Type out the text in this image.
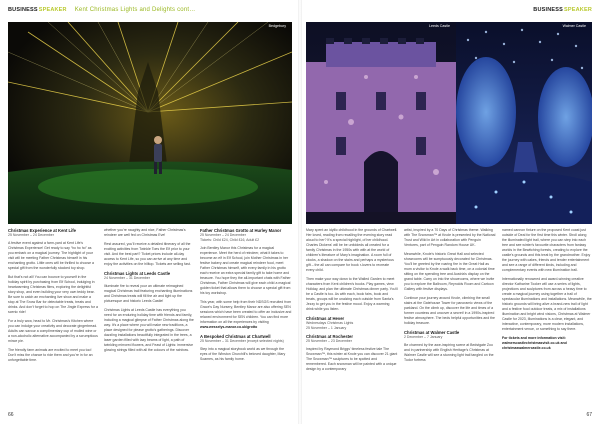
BUSINESS SPEAKER Kent Christmas Lights and Delights cont…
Bedgebury
Christmas Experience at Kent Life
25 November – 24 December

A festive event against a farm-yard at Kent Life's Christmas Experience! Get ready to say “ho ho ho” as you embark on a magical journey. The highlight of your visit will be meeting Father Christmas himself in his enchanting grotto. Little ones will be thrilled to choose a special gift from the wonderfully stocked toy shop.

But that's not all! You can bounce to yourself in the holiday spirit by purchasing from Elf School, indulging in heartwarming Christmas films, exploring the delightful story shop, and even building your very own teddy bear. Be sure to catch an enchanting live show and make a stop at The Snow Bar for delectable treats, treats and drinks. And don't forget to hop on The Jingle Express for a scenic ride!

For a truly wow, head to Mr. Christmas's Kitchen where you can indulge your creativity and decorate gingerbread. Adults can savour a complimentary cup of mulled wine or a non-alcoholic alternative accompanied by a scrumptious mince pie.

The friendly farm animals are excited to meet you too! Don't miss the chance to ride them and you're in for an unforgettable time.

whether you're naughty and nice, Father Christmas's reindeer are well fed on Christmas Eve!

Rest assured, you'll receive a detailed itinerary of all the exciting activities from Twinkle Toes the Elf prior to your visit. And the best part? Ticket prices include all-day access to Kent Life, so you can arrive at any time and enjoy the activities on the hilltop. Tickets are selling fast.

Christmas Lights at Leeds Castle
24 November – 31 December

Illuminate fire to reveal your an ultimate reimagined magical Christmas trail featuring enchanting illuminations and Christmas treats will fill the air and light up the picturesque and historic Leeds Castle!

Christmas Lights at Leeds Castle has everything you need for an enduring holiday time with friends and family, including a magical glimpse of Father Christmas along the way. It's a place where you will make new traditions, a place designed for please grotto's gatherings. Discover dazzling installations beautifully integrated in the trees, a laser garden filled with lazy beams of light, a path of twinkling mirrored flowers, and Feast of Lights: immersive glowing strings filled with all the colours of the rainbow.

Father Christmas Grotto at Hurley Manor
25 November – 24 December
Tickets: Child £24, Child £16, Adult £2

Join Bentley Manor this Christmas for a magical experience. Meet the herd of reindeer, what it takes to become an elf in Elf School, join Mother Christmas in her festive bakery and create magical reindeer food, meet Father Christmas himself, with every family in his grotto each receive an extra special family gift to take home and treasure. You hope they the all-important chats with Father Christmas, Father Christmas will give each child a magical golden ticket that allows them to choose a special gift from his toy workshop.

This year, with some help from their NDSGS recruited from Grace's Day Nursery, Bentley Manor are also offering SEN sessions which have been created to offer an inclusive and relaxed environment for SEN children. You can find more information on all the experiences by visiting www.wesselys-manor.co.uk/grotto

A Bespoked Christmas at Chartwell
25 November – 31 December (except selected nights)

Step into a magical storybook world as we through the eyes of the Winston Churchill's beloved daughter, Mary Soames, as his family home.

66
BUSINESS SPEAKER
Leeds Castle	Walmer Castle

Mary spent an idyllic childhood in the grounds of Chartwell. Her loved, reading from recalling the evening story read aloud to her? It's a special highlight, of her childhood. Charles Dickens' will be be unfoldeds all created for a family Christmas in the 1950s with with at the world of children's literature of Mary's imagination. A room full of clocks, a shadow on the stairs and perhaps a mysterious gift – the all can compare for book r-lovers to recreate every child.

Then make your way down to the Walled Garden to meet characters from Kent children's books. Play games, view Holiday, and plan the ultimate Christmas dinner party. You'll be a Castle is too. As with each, book fairs, book and treats, groups will be unalzing each outside from Santa's Jezzy to get you in the festive mood. Enjoy a warming drink while you listen.

Christmas at Hever
Wednesdays Christmas Lights
25 November – 1 January
Christmas at Rochester
25 November – 23 December

Inspired by Raymond Briggs' timeless festive tale The Snowman™, this winter at Knole you can discover 21 giant The Snowman™ sculptures to be spotted and remembered. Each snowman will be painted with a unique design by a contemporary

artist, inspired by a 70 Days of Christmas theme. Walking with The Snowman™ at Knole is presented by the National Trust and Wild in Art in collaboration with Penguin Ventures, part of Penguin Random House UK.

Meanwhile, Knole's historic Great Hall and selected showrooms will be sumptuously decorated for Christmas. You'll be greeted by the roaring fire in the Great Hall as mum a visitor to Knole a walk back time, on a colonial time sitting on the spending tree and Austria's display on the grand table. Carry on into the showrooms, where we invite you to explore the Ballroom, Reynolds Room and Cartoon Gallery with festive displays.

Continue your journey around Knole, climbing the small stairs at the Gatehouse Tower for panoramic views of the parkland. On the climb up, discover the life and times of a former countess and uncover a secret! in a 1990s-inspired festive atmosphere. The beds helpful opportunities and the holiday treasure.

Christmas at Walmer Castle
2 December – 7 January

Be charmed by the awe-inspiring scene at Bedstgate Zoo and in partnership with English Heritage's Christmas at Walmer Castle will see a stunning light trail tangled on the Tudor fortress

named cannon fixture on the proposed Kent coast just outside of Deal for the first time this winter. Stroll along the illuminated light trail, where you can step into each tree and see winter's favourite characters from fantasy worlds in the Bewitching forests, creating to explore the castle's grounds and this treat by the grandmother. Enjoy the journey with cakes, friends and tender entertainment and see a range of different kinds, including and complementary events with new illumination trail.

Internationally renowned and award-winning creative director Katharine Tooker will use a series of lights, projections and sculptures from across a heavy time to create a magical journey using together a trail of spectacular illuminations and installations. Meanwhile, the historic grounds will bring alive a brand-new trail of light and a festive food outdoor treats, a mix of installations illumination and bright wind visions, Christmas at Walmer Castle for 2023, Illuminations is a clear, elegant, and interactive, contemporary, more modern installations, entertainment venue, or something to say there.

For tickets and more information visit: walmerscastlechristmasvisit.co.uk and christmaswalmercastle.co.uk

67
